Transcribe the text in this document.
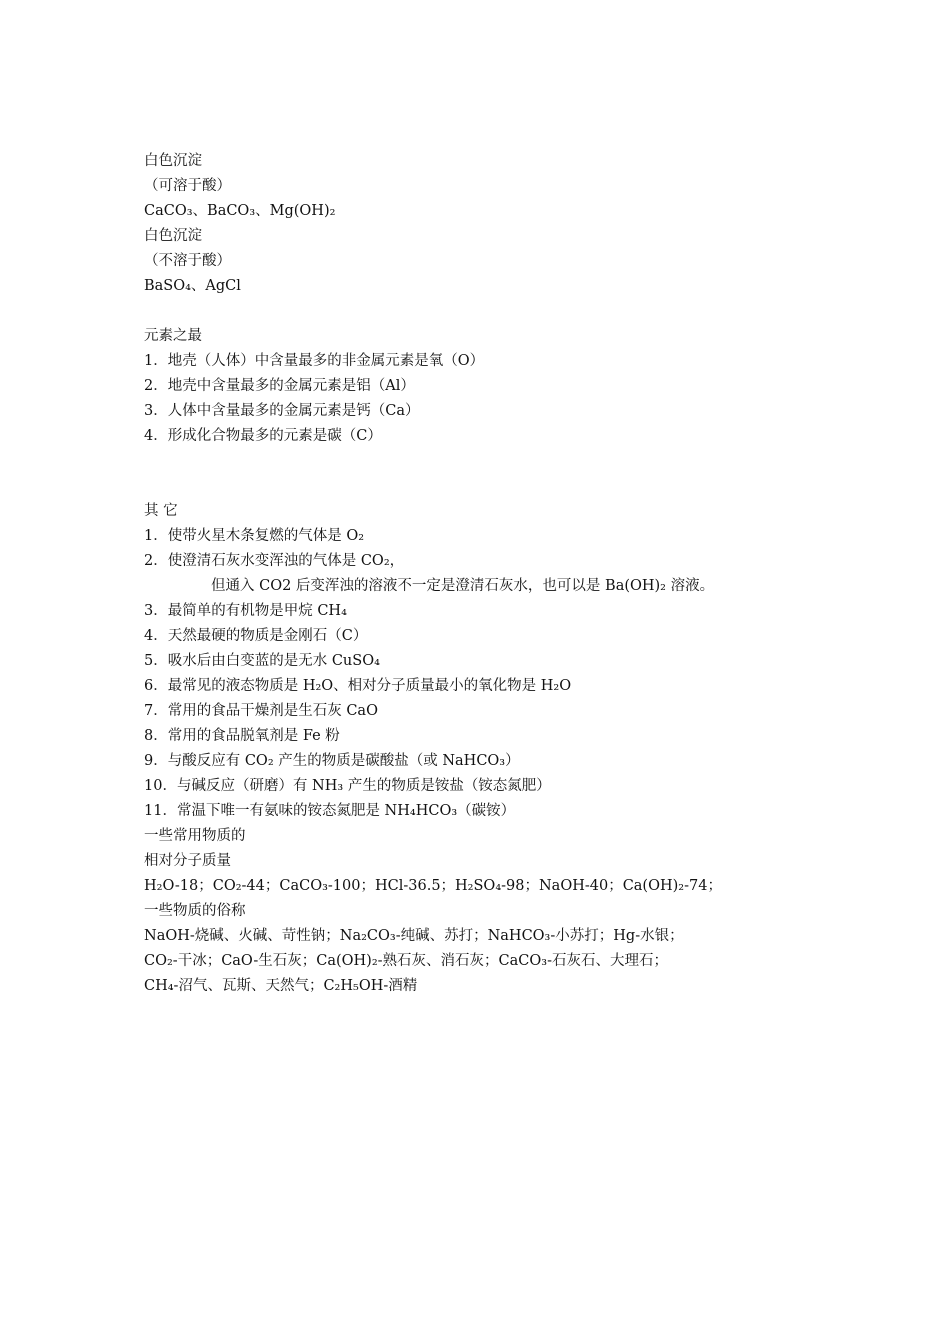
白色沉淀
（可溶于酸）
CaCO₃、BaCO₃、Mg(OH)₂
白色沉淀
（不溶于酸）
BaSO₄、AgCl
元素之最
1．地壳（人体）中含量最多的非金属元素是氧（O）
2．地壳中含量最多的金属元素是铝（Al）
3．人体中含量最多的金属元素是钙（Ca）
4．形成化合物最多的元素是碳（C）
其 它
1．使带火星木条复燃的气体是 O₂
2．使澄清石灰水变浑浊的气体是 CO₂，
但通入 CO2 后变浑浊的溶液不一定是澄清石灰水，也可以是 Ba(OH)₂ 溶液。
3．最简单的有机物是甲烷 CH₄
4．天然最硬的物质是金刚石（C）
5．吸水后由白变蓝的是无水 CuSO₄
6．最常见的液态物质是 H₂O、相对分子质量最小的氧化物是 H₂O
7．常用的食品干燥剂是生石灰 CaO
8．常用的食品脱氧剂是 Fe 粉
9．与酸反应有 CO₂ 产生的物质是碳酸盐（或 NaHCO₃）
10．与碱反应（研磨）有 NH₃ 产生的物质是铵盐（铵态氮肥）
11．常温下唯一有氨味的铵态氮肥是 NH₄HCO₃（碳铵）
一些常用物质的
相对分子质量
H₂O-18；CO₂-44；CaCO₃-100；HCl-36.5；H₂SO₄-98；NaOH-40；Ca(OH)₂-74；
一些物质的俗称
NaOH-烧碱、火碱、苛性钠；Na₂CO₃-纯碱、苏打；NaHCO₃-小苏打；Hg-水银；
CO₂-干冰；CaO-生石灰；Ca(OH)₂-熟石灰、消石灰；CaCO₃-石灰石、大理石；
CH₄-沼气、瓦斯、天然气；C₂H₅OH-酒精
